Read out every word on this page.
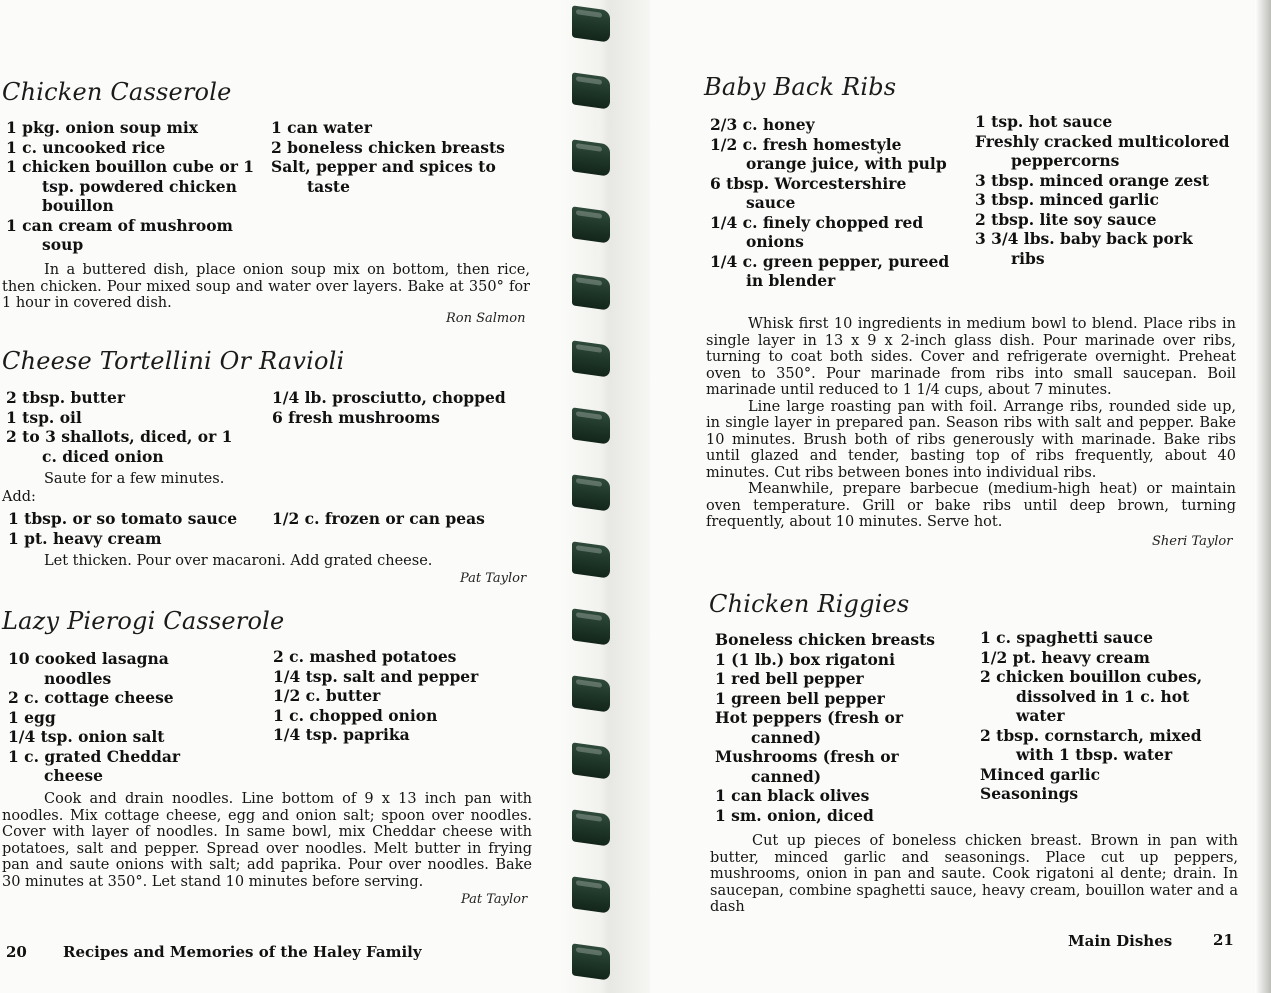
Chicken Casserole
1 pkg. onion soup mix
1 c. uncooked rice
1 chicken bouillon cube or 1 tsp. powdered chicken bouillon
1 can cream of mushroom soup
1 can water
2 boneless chicken breasts
Salt, pepper and spices to taste

In a buttered dish, place onion soup mix on bottom, then rice, then chicken. Pour mixed soup and water over layers. Bake at 350° for 1 hour in covered dish.

Ron Salmon
Cheese Tortellini Or Ravioli
2 tbsp. butter
1 tsp. oil
2 to 3 shallots, diced, or 1 c. diced onion
1/4 lb. prosciutto, chopped
6 fresh mushrooms

Saute for a few minutes.

Add:

1 tbsp. or so tomato sauce
1 pt. heavy cream
1/2 c. frozen or can peas

Let thicken. Pour over macaroni. Add grated cheese.

Pat Taylor
Lazy Pierogi Casserole
10 cooked lasagna noodles
2 c. cottage cheese
1 egg
1/4 tsp. onion salt
1 c. grated Cheddar cheese
2 c. mashed potatoes
1/4 tsp. salt and pepper
1/2 c. butter
1 c. chopped onion
1/4 tsp. paprika

Cook and drain noodles. Line bottom of 9 x 13 inch pan with noodles. Mix cottage cheese, egg and onion salt; spoon over noodles. Cover with layer of noodles. In same bowl, mix Cheddar cheese with potatoes, salt and pepper. Spread over noodles. Melt butter in frying pan and saute onions with salt; add paprika. Pour over noodles. Bake 30 minutes at 350°. Let stand 10 minutes before serving.

Pat Taylor
20 Recipes and Memories of the Haley Family
Baby Back Ribs
2/3 c. honey
1/2 c. fresh homestyle orange juice, with pulp
6 tbsp. Worcestershire sauce
1/4 c. finely chopped red onions
1/4 c. green pepper, pureed in blender
1 tsp. hot sauce
Freshly cracked multicolored peppercorns
3 tbsp. minced orange zest
3 tbsp. minced garlic
2 tbsp. lite soy sauce
3 3/4 lbs. baby back pork ribs

Whisk first 10 ingredients in medium bowl to blend. Place ribs in single layer in 13 x 9 x 2-inch glass dish. Pour marinade over ribs, turning to coat both sides. Cover and refrigerate overnight. Preheat oven to 350°. Pour marinade from ribs into small saucepan. Boil marinade until reduced to 1 1/4 cups, about 7 minutes.

Line large roasting pan with foil. Arrange ribs, rounded side up, in single layer in prepared pan. Season ribs with salt and pepper. Bake 10 minutes. Brush both of ribs generously with marinade. Bake ribs until glazed and tender, basting top of ribs frequently, about 40 minutes. Cut ribs between bones into individual ribs.

Meanwhile, prepare barbecue (medium-high heat) or maintain oven temperature. Grill or bake ribs until deep brown, turning frequently, about 10 minutes. Serve hot.

Sheri Taylor
Chicken Riggies
Boneless chicken breasts
1 (1 lb.) box rigatoni
1 red bell pepper
1 green bell pepper
Hot peppers (fresh or canned)
Mushrooms (fresh or canned)
1 can black olives
1 sm. onion, diced
1 c. spaghetti sauce
1/2 pt. heavy cream
2 chicken bouillon cubes, dissolved in 1 c. hot water
2 tbsp. cornstarch, mixed with 1 tbsp. water
Minced garlic
Seasonings

Cut up pieces of boneless chicken breast. Brown in pan with butter, minced garlic and seasonings. Place cut up peppers, mushrooms, onion in pan and saute. Cook rigatoni al dente; drain. In saucepan, combine spaghetti sauce, heavy cream, bouillon water and a dash

Main Dishes	21
